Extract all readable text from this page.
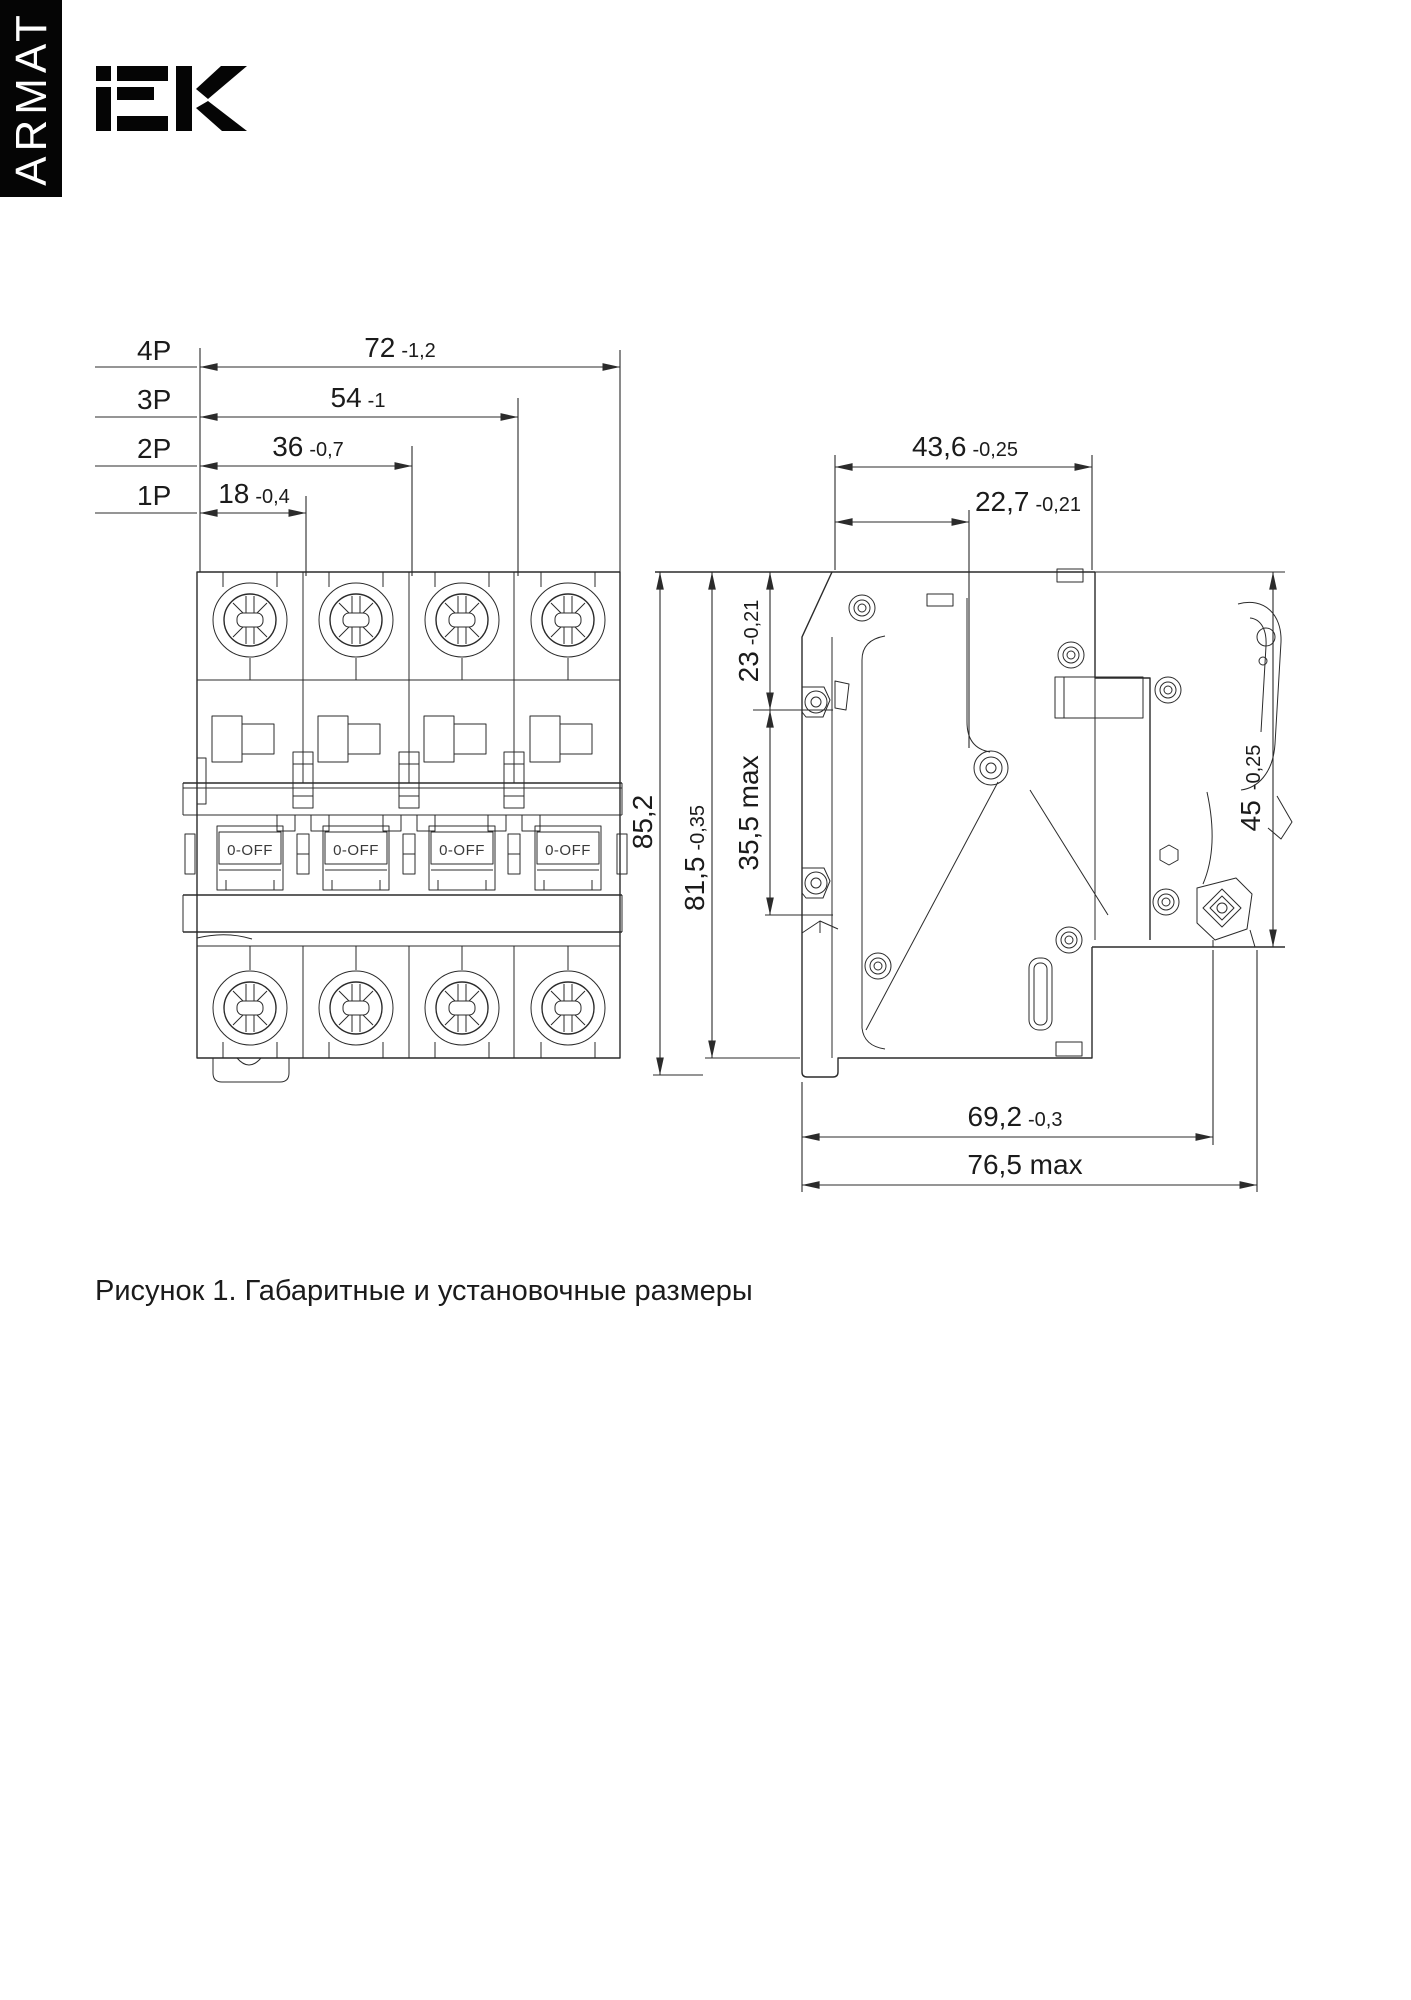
ARMAT
4P	72 -1,2
3P	54 -1
2P	36 -0,7
1P 18 -0,4
43,6 -0,25
22,7 -0,21
23-0,21
35,5 max
85,2
81,5-0,35	45-0,25
69,2 -0,3
76,5 max
Рисунок 1. Габаритные и установочные размеры
